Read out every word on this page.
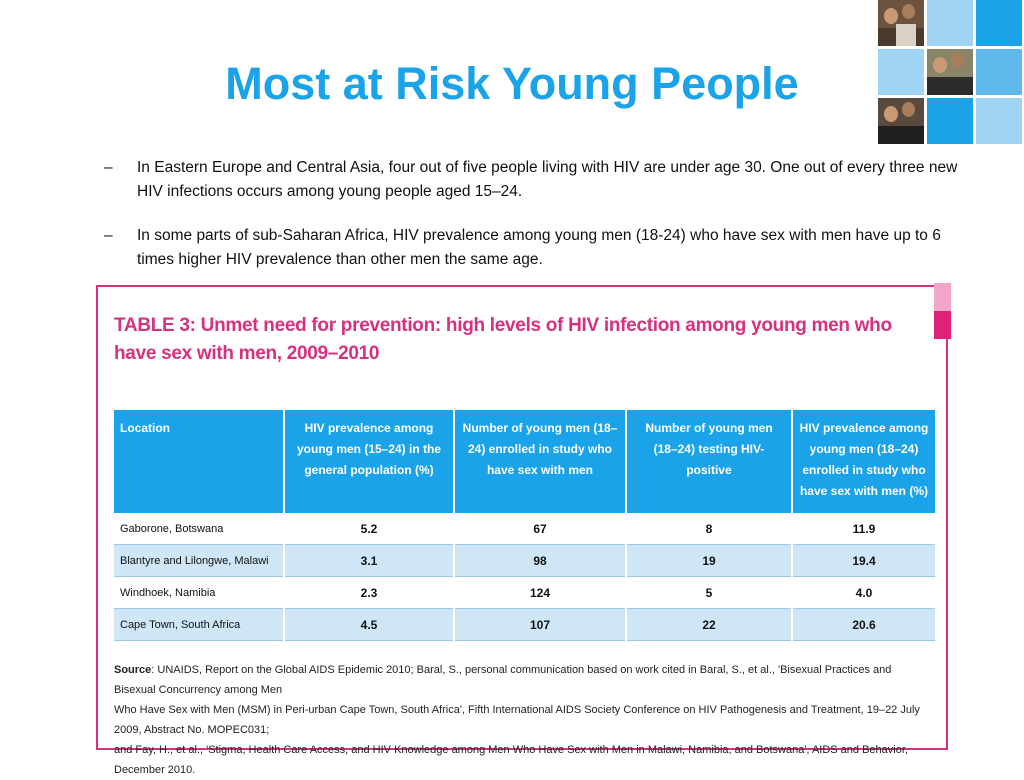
Most at Risk Young People
– In Eastern Europe and Central Asia, four out of five people living with HIV are under age 30. One out of every three new HIV infections occurs among young people aged 15–24.
– In some parts of sub-Saharan Africa, HIV prevalence among young men (18-24) who have sex with men have up to 6 times higher HIV prevalence than other men the same age.
TABLE 3: Unmet need for prevention: high levels of HIV infection among young men who have sex with men, 2009–2010
Location	HIV prevalence among young men (15–24) in the general population (%)	Number of young men (18–24) enrolled in study who have sex with men	Number of young men (18–24) testing HIV-positive	HIV prevalence among young men (18–24) enrolled in study who have sex with men (%)
Gaborone, Botswana	5.2	67	8	11.9
Blantyre and Lilongwe, Malawi	3.1	98	19	19.4
Windhoek, Namibia	2.3	124	5	4.0
Cape Town, South Africa	4.5	107	22	20.6
Source: UNAIDS, Report on the Global AIDS Epidemic 2010; Baral, S., personal communication based on work cited in Baral, S., et al., 'Bisexual Practices and Bisexual Concurrency among Men
Who Have Sex with Men (MSM) in Peri-urban Cape Town, South Africa', Fifth International AIDS Society Conference on HIV Pathogenesis and Treatment, 19–22 July 2009, Abstract No. MOPEC031;
and Fay, H., et al., 'Stigma, Health Care Access, and HIV Knowledge among Men Who Have Sex with Men in Malawi, Namibia, and Botswana', AIDS and Behavior, December 2010.
